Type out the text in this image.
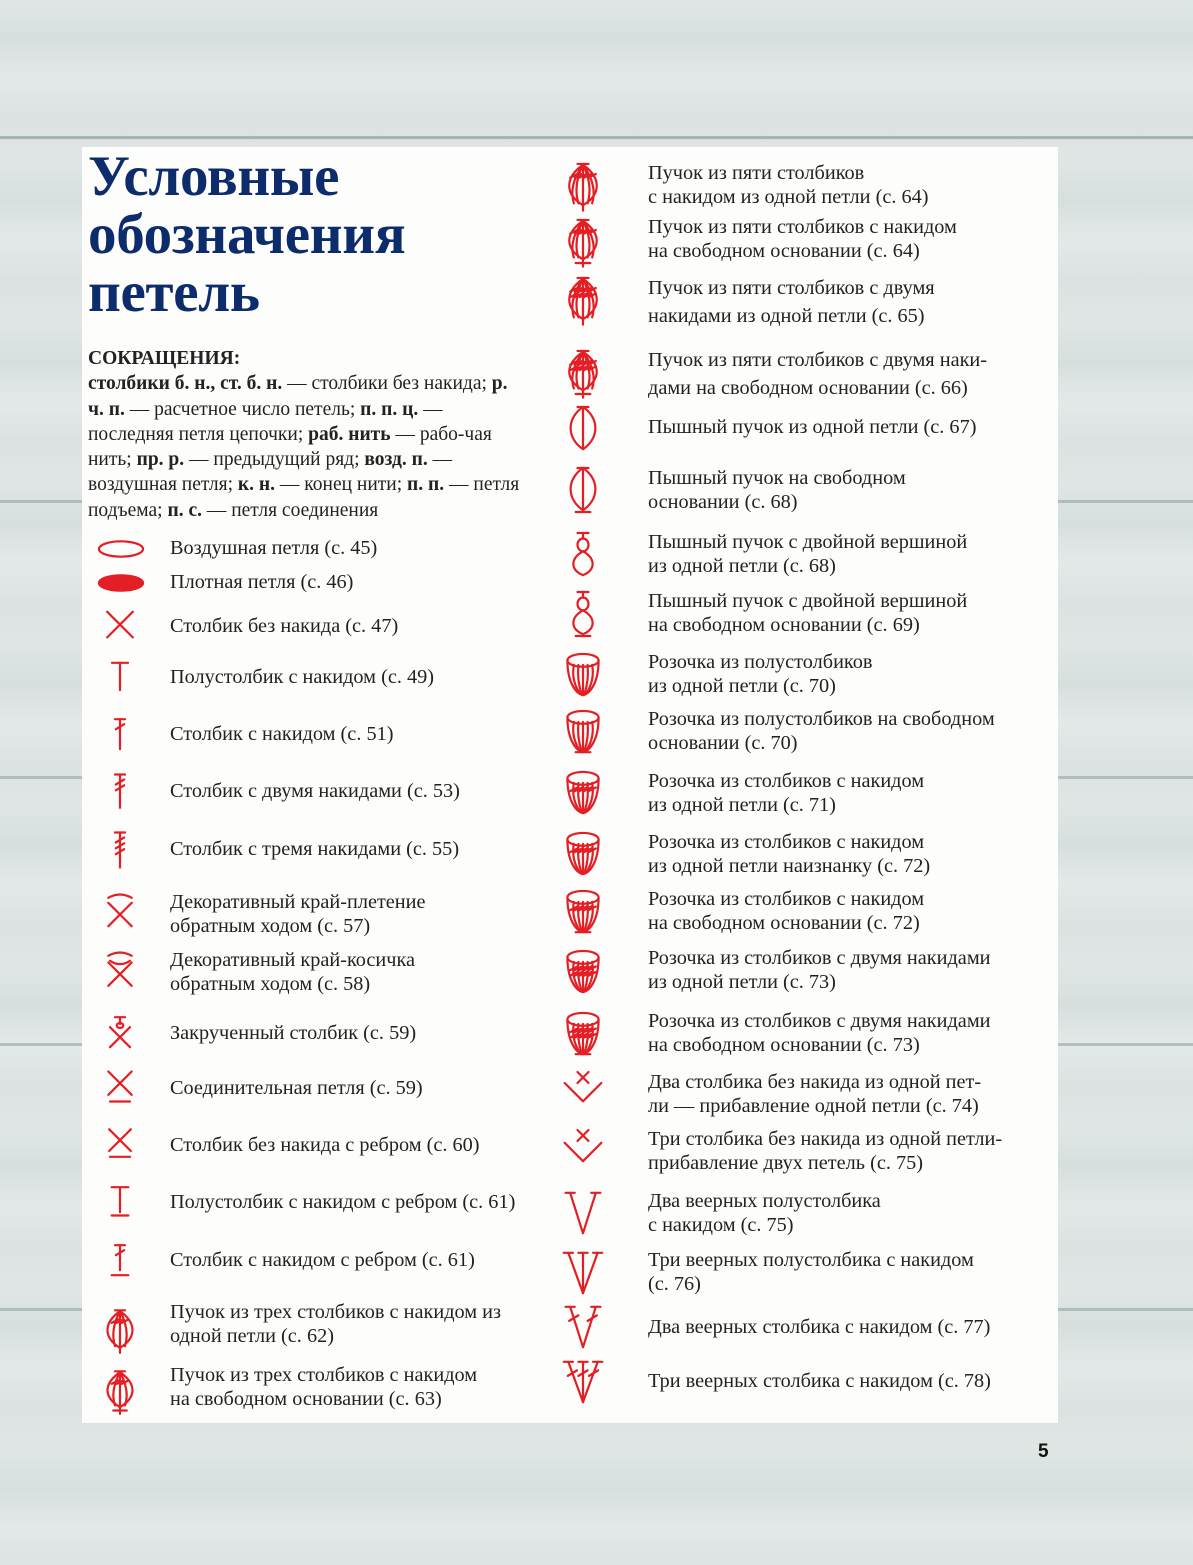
Условные
обозначения
петель
СОКРАЩЕНИЯ:
столбики б. н., ст. б. н. — столбики без накида; р. ч. п. — расчетное число петель; п. п. ц. — последняя петля цепочки; раб. нить — рабо-чая нить; пр. р. — предыдущий ряд; возд. п. — воздушная петля; к. н. — конец нити; п. п. — петля подъема; п. с. — петля соединения
Воздушная петля (с. 45)
Плотная петля (с. 46)
Столбик без накида (с. 47)
Полустолбик с накидом (с. 49)
Столбик с накидом (с. 51)
Столбик с двумя накидами (с. 53)
Столбик с тремя накидами (с. 55)
Декоративный край-плетение
обратным ходом (с. 57)
Декоративный край-косичка
обратным ходом (с. 58)
Закрученный столбик (с. 59)
Соединительная петля (с. 59)
Столбик без накида с ребром (с. 60)
Полустолбик с накидом с ребром (с. 61)
Столбик с накидом с ребром (с. 61)
Пучок из трех столбиков с накидом из
одной петли (с. 62)
Пучок из трех столбиков с накидом
на свободном основании (с. 63)
Пучок из пяти столбиков
с накидом из одной петли (с. 64)
Пучок из пяти столбиков с накидом
на свободном основании (с. 64)
Пучок из пяти столбиков с двумя
накидами из одной петли (с. 65)
Пучок из пяти столбиков с двумя наки-
дами на свободном основании (с. 66)
Пышный пучок из одной петли (с. 67)
Пышный пучок на свободном
основании (с. 68)
Пышный пучок с двойной вершиной
из одной петли (с. 68)
Пышный пучок с двойной вершиной
на свободном основании (с. 69)
Розочка из полустолбиков
из одной петли (с. 70)
Розочка из полустолбиков на свободном
основании (с. 70)
Розочка из столбиков с накидом
из одной петли (с. 71)
Розочка из столбиков с накидом
из одной петли наизнанку (с. 72)
Розочка из столбиков с накидом
на свободном основании (с. 72)
Розочка из столбиков с двумя накидами
из одной петли (с. 73)
Розочка из столбиков с двумя накидами
на свободном основании (с. 73)
Два столбика без накида из одной пет-
ли — прибавление одной петли (с. 74)
Три столбика без накида из одной петли-
прибавление двух петель (с. 75)
Два веерных полустолбика
с накидом (с. 75)
Три веерных полустолбика с накидом
(с. 76)
Два веерных столбика с накидом (с. 77)
Три веерных столбика с накидом (с. 78)
5
